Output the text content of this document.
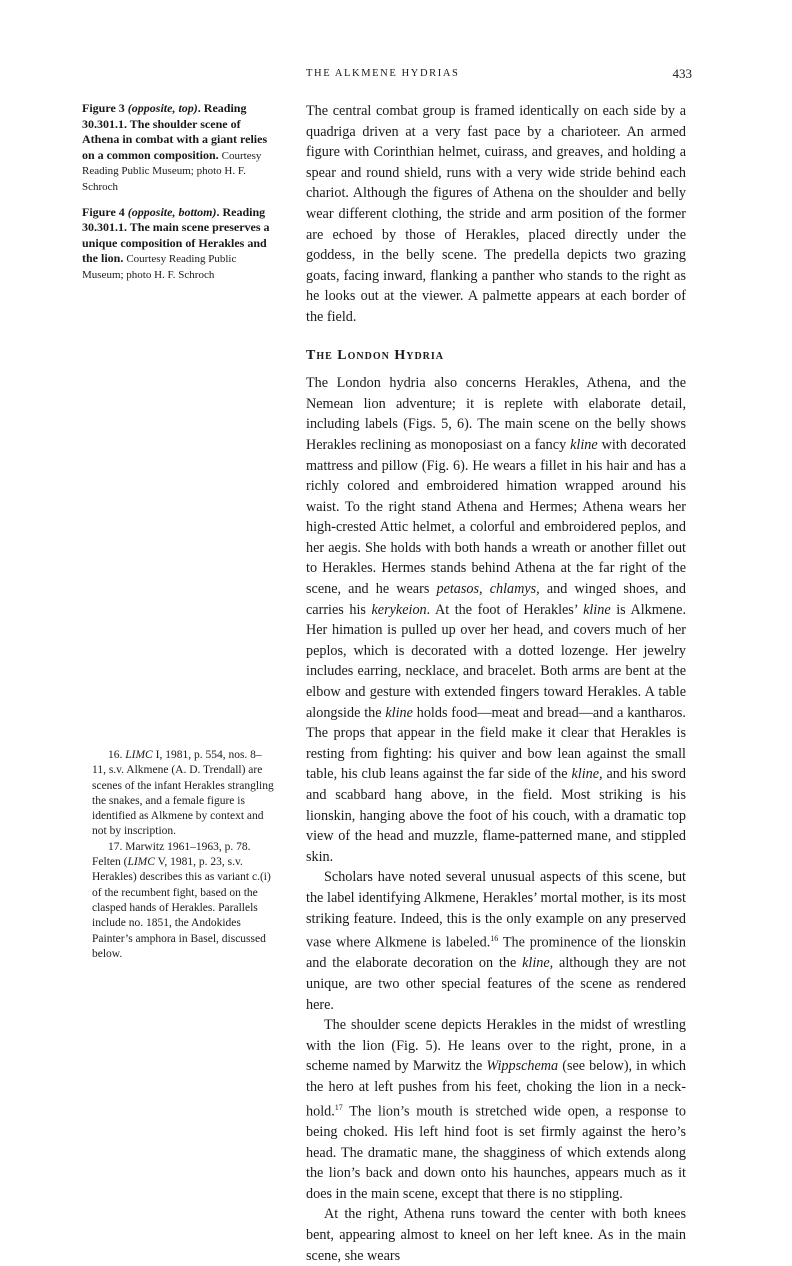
THE ALKMENE HYDRIAS	433
Figure 3 (opposite, top). Reading 30.301.1. The shoulder scene of Athena in combat with a giant relies on a common composition. Courtesy Reading Public Museum; photo H. F. Schroch
Figure 4 (opposite, bottom). Reading 30.301.1. The main scene preserves a unique composition of Herakles and the lion. Courtesy Reading Public Museum; photo H. F. Schroch

16. LIMC I, 1981, p. 554, nos. 8–11, s.v. Alkmene (A. D. Trendall) are scenes of the infant Herakles strangling the snakes, and a female figure is identified as Alkmene by context and not by inscription.

17. Marwitz 1961–1963, p. 78. Felten (LIMC V, 1981, p. 23, s.v. Herakles) describes this as variant c.(i) of the recumbent fight, based on the clasped hands of Herakles. Parallels include no. 1851, the Andokides Painter’s amphora in Basel, discussed below.

The central combat group is framed identically on each side by a quadriga driven at a very fast pace by a charioteer. An armed figure with Corinthian helmet, cuirass, and greaves, and holding a spear and round shield, runs with a very wide stride behind each chariot. Although the figures of Athena on the shoulder and belly wear different clothing, the stride and arm position of the former are echoed by those of Herakles, placed directly under the goddess, in the belly scene. The predella depicts two grazing goats, facing inward, flanking a panther who stands to the right as he looks out at the viewer. A palmette appears at each border of the field.

The London Hydria

The London hydria also concerns Herakles, Athena, and the Nemean lion adventure; it is replete with elaborate detail, including labels (Figs. 5, 6). The main scene on the belly shows Herakles reclining as monoposiast on a fancy kline with decorated mattress and pillow (Fig. 6). He wears a fillet in his hair and has a richly colored and embroidered himation wrapped around his waist. To the right stand Athena and Hermes; Athena wears her high-crested Attic helmet, a colorful and embroidered peplos, and her aegis. She holds with both hands a wreath or another fillet out to Herakles. Hermes stands behind Athena at the far right of the scene, and he wears petasos, chlamys, and winged shoes, and carries his kerykeion. At the foot of Herakles’ kline is Alkmene. Her himation is pulled up over her head, and covers much of her peplos, which is decorated with a dotted lozenge. Her jewelry includes earring, necklace, and bracelet. Both arms are bent at the elbow and gesture with extended fingers toward Herakles. A table alongside the kline holds food—meat and bread—and a kantharos. The props that appear in the field make it clear that Herakles is resting from fighting: his quiver and bow lean against the small table, his club leans against the far side of the kline, and his sword and scabbard hang above, in the field. Most striking is his lionskin, hanging above the foot of his couch, with a dramatic top view of the head and muzzle, flame-patterned mane, and stippled skin.

Scholars have noted several unusual aspects of this scene, but the label identifying Alkmene, Herakles’ mortal mother, is its most striking feature. Indeed, this is the only example on any preserved vase where Alkmene is labeled.$^{16}$ The prominence of the lionskin and the elaborate decoration on the kline, although they are not unique, are two other special features of the scene as rendered here.

The shoulder scene depicts Herakles in the midst of wrestling with the lion (Fig. 5). He leans over to the right, prone, in a scheme named by Marwitz the Wippschema (see below), in which the hero at left pushes from his feet, choking the lion in a neck-hold.$^{17}$ The lion’s mouth is stretched wide open, a response to being choked. His left hind foot is set firmly against the hero’s head. The dramatic mane, the shagginess of which extends along the lion’s back and down onto his haunches, appears much as it does in the main scene, except that there is no stippling.

At the right, Athena runs toward the center with both knees bent, appearing almost to kneel on her left knee. As in the main scene, she wears
